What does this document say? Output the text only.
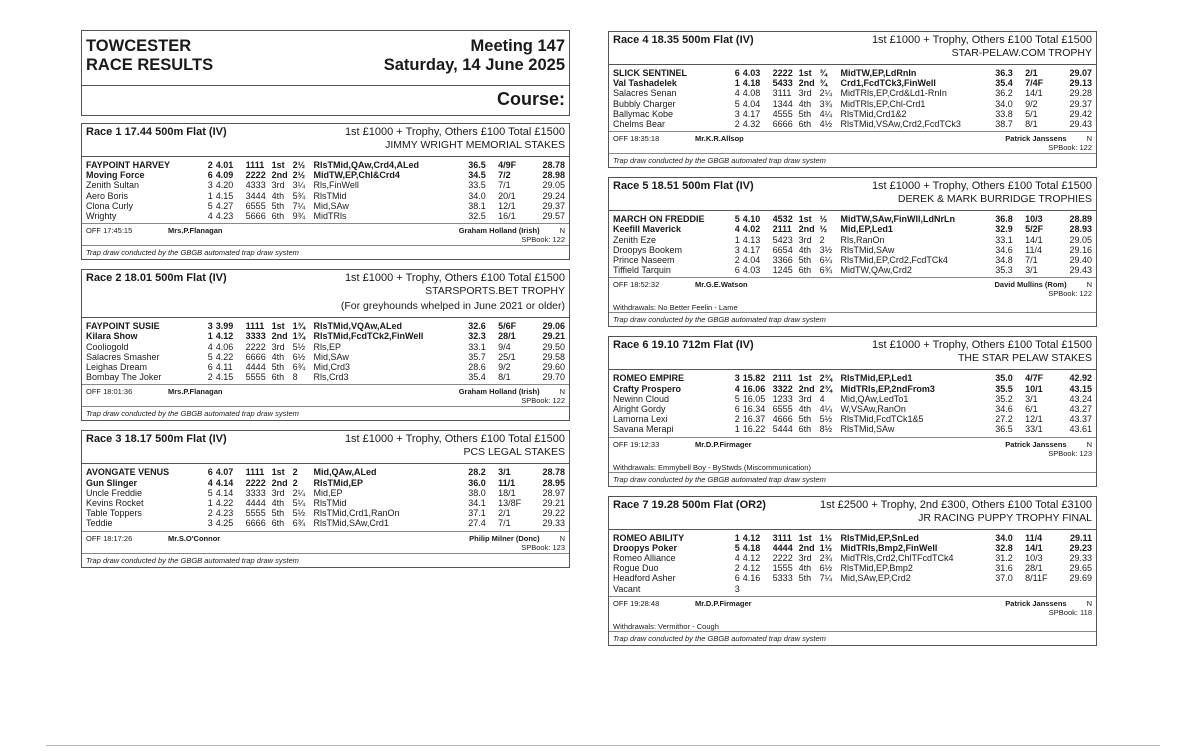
TOWCESTER
RACE RESULTS
Meeting 147
Saturday, 14 June 2025
Course:
Race 1 17.44 500m Flat (IV)	1st £1000 + Trophy, Others £100 Total £1500
JIMMY WRIGHT MEMORIAL STAKES
FAYPOINT HARVEY	2 4.01	1111 1st 2½ RlsTMid,QAw,Crd4,ALed	36.5	4/9F	28.78
Moving Force	6 4.09	2222 2nd 2½ MidTW,EP,Chl&Crd4	34.5	7/2	28.98
Zenith Sultan	3 4.20	4333 3rd 3¼ Rls,FinWell	33.5	7/1	29.05
Aero Boris	1 4.15	3444 4th 5¾ RlsTMid	34.0	20/1	29.24
Clona Curly	5 4.27	6555 5th 7¼ Mid,SAw	38.1	12/1	29.37
Wrighty	4 4.23	5666 6th 9¾ MidTRls	32.5	16/1	29.57
OFF 17:45:15	Mrs.P.Flanagan	Graham Holland (Irish)	N
SPBook: 122
Trap draw conducted by the GBGB automated trap draw system
Race 2 18.01 500m Flat (IV)	1st £1000 + Trophy, Others £100 Total £1500
STARSPORTS.BET TROPHY
(For greyhounds whelped in June 2021 or older)
FAYPOINT SUSIE	3 3.99	1111 1st 1¾ RlsTMid,VQAw,ALed	32.6	5/6F	29.06
Kilara Show	1 4.12	3333 2nd 1¾ RlsTMid,FcdTCk2,FinWell	32.3	28/1	29.21
Cooliogold	4 4.06	2222 3rd 5½ Rls,EP	33.1	9/4	29.50
Salacres Smasher	5 4.22	6666 4th 6½ Mid,SAw	35.7	25/1	29.58
Leighas Dream	6 4.11	4444 5th 6¾ Mid,Crd3	28.6	9/2	29.60
Bombay The Joker	2 4.15	5555 6th 8	Rls,Crd3	35.4	8/1	29.70
OFF 18:01:36	Mrs.P.Flanagan	Graham Holland (Irish)	N
SPBook: 122
Trap draw conducted by the GBGB automated trap draw system
Race 3 18.17 500m Flat (IV)	1st £1000 + Trophy, Others £100 Total £1500
PCS LEGAL STAKES
AVONGATE VENUS	6 4.07	1111 1st 2	Mid,QAw,ALed	28.2	3/1	28.78
Gun Slinger	4 4.14	2222 2nd 2	RlsTMid,EP	36.0	11/1	28.95
Uncle Freddie	5 4.14	3333 3rd 2¼ Mid,EP	38.0	18/1	28.97
Kevins Rocket	1 4.22	4444 4th 5¼ RlsTMid	34.1	13/8F	29.21
Table Toppers	2 4.23	5555 5th 5½ RlsTMid,Crd1,RanOn	37.1	2/1	29.22
Teddie	3 4.25	6666 6th 6¾ RlsTMid,SAw,Crd1	27.4	7/1	29.33
OFF 18:17:26	Mr.S.O'Connor	Philip Milner (Donc)	N
SPBook: 123
Trap draw conducted by the GBGB automated trap draw system
Race 4 18.35 500m Flat (IV)	1st £1000 + Trophy, Others £100 Total £1500
STAR-PELAW.COM TROPHY
SLICK SENTINEL	6 4.03	2222 1st ¾	MidTW,EP,LdRnIn	36.3	2/1	29.07
Val Tashadelek	1 4.18	5433 2nd ¾	Crd1,FcdTCk3,FinWell	35.4	7/4F	29.13
Salacres Senan	4 4.08	3111 3rd 2¼ MidTRls,EP,Crd&Ld1-RnIn	36.2	14/1	29.28
Bubbly Charger	5 4.04	1344 4th 3¾ MidTRls,EP,Chl-Crd1	34.0	9/2	29.37
Ballymac Kobe	3 4.17	4555 5th 4¼ RlsTMid,Crd1&2	33.8	5/1	29.42
Chelms Bear	2 4.32	6666 6th 4½ RlsTMid,VSAw,Crd2,FcdTCk3	38.7	8/1	29.43
OFF 18:35:18	Mr.K.R.Allsop	Patrick Janssens	N
SPBook: 122
Trap draw conducted by the GBGB automated trap draw system
Race 5 18.51 500m Flat (IV)	1st £1000 + Trophy, Others £100 Total £1500
DEREK & MARK BURRIDGE TROPHIES
MARCH ON FREDDIE	5 4.10	4532 1st ½	MidTW,SAw,FinWll,LdNrLn	36.8	10/3	28.89
Keefill Maverick	4 4.02	2111 2nd ½	Mid,EP,Led1	32.9	5/2F	28.93
Zenith Eze	1 4.13	5423 3rd 2	Rls,RanOn	33.1	14/1	29.05
Droopys Bookem	3 4.17	6654 4th 3½ RlsTMid,SAw	34.6	11/4	29.16
Prince Naseem	2 4.04	3366 5th 6¼ RlsTMid,EP,Crd2,FcdTCk4	34.8	7/1	29.40
Tiffield Tarquin	6 4.03	1245 6th 6¾ MidTW,QAw,Crd2	35.3	3/1	29.43
OFF 18:52:32	Mr.G.E.Watson	David Mullins (Rom)	N
SPBook: 122
Withdrawals: No Better Feelin - Lame
Trap draw conducted by the GBGB automated trap draw system
Race 6 19.10 712m Flat (IV)	1st £1000 + Trophy, Others £100 Total £1500
THE STAR PELAW STAKES
ROMEO EMPIRE	3 15.82 2111 1st 2¾ RlsTMid,EP,Led1	35.0	4/7F	42.92
Crafty Prospero	4 16.06 3322 2nd 2¾ MidTRls,EP,2ndFrom3	35.5	10/1	43.15
Newinn Cloud	5 16.05 1233 3rd 4	Mid,QAw,LedTo1	35.2	3/1	43.24
Alright Gordy	6 16.34 6555 4th 4¼ W,VSAw,RanOn	34.6	6/1	43.27
Lamorna Lexi	2 16.37 4666 5th 5½ RlsTMid,FcdTCk1&5	27.2	12/1	43.37
Savana Merapi	1 16.22 5444 6th 8½ RlsTMid,SAw	36.5	33/1	43.61
OFF 19:12:33	Mr.D.P.Firmager	Patrick Janssens	N
SPBook: 123
Withdrawals: Emmybell Boy - ByStwds (Miscommunication)
Trap draw conducted by the GBGB automated trap draw system
Race 7 19.28 500m Flat (OR2)	1st £2500 + Trophy, 2nd £300, Others £100 Total £3100
JR RACING PUPPY TROPHY FINAL
ROMEO ABILITY	1 4.12	3111 1st 1½ RlsTMid,EP,SnLed	34.0	11/4	29.11
Droopys Poker	5 4.18	4444 2nd 1½ MidTRls,Bmp2,FinWell	32.8	14/1	29.23
Romeo Alliance	4 4.12	2222 3rd 2¾ MidTRls,Crd2,ChlTFcdTCk4	31.2	10/3	29.33
Rogue Duo	2 4.12	1555 4th 6½ RlsTMid,EP,Bmp2	31.6	28/1	29.65
Headford Asher	6 4.16	5333 5th 7¼ Mid,SAw,EP,Crd2	37.0	8/11F	29.69
Vacant	3
OFF 19:28:48	Mr.D.P.Firmager	Patrick Janssens	N
SPBook: 118
Withdrawals: Vermithor - Cough
Trap draw conducted by the GBGB automated trap draw system
